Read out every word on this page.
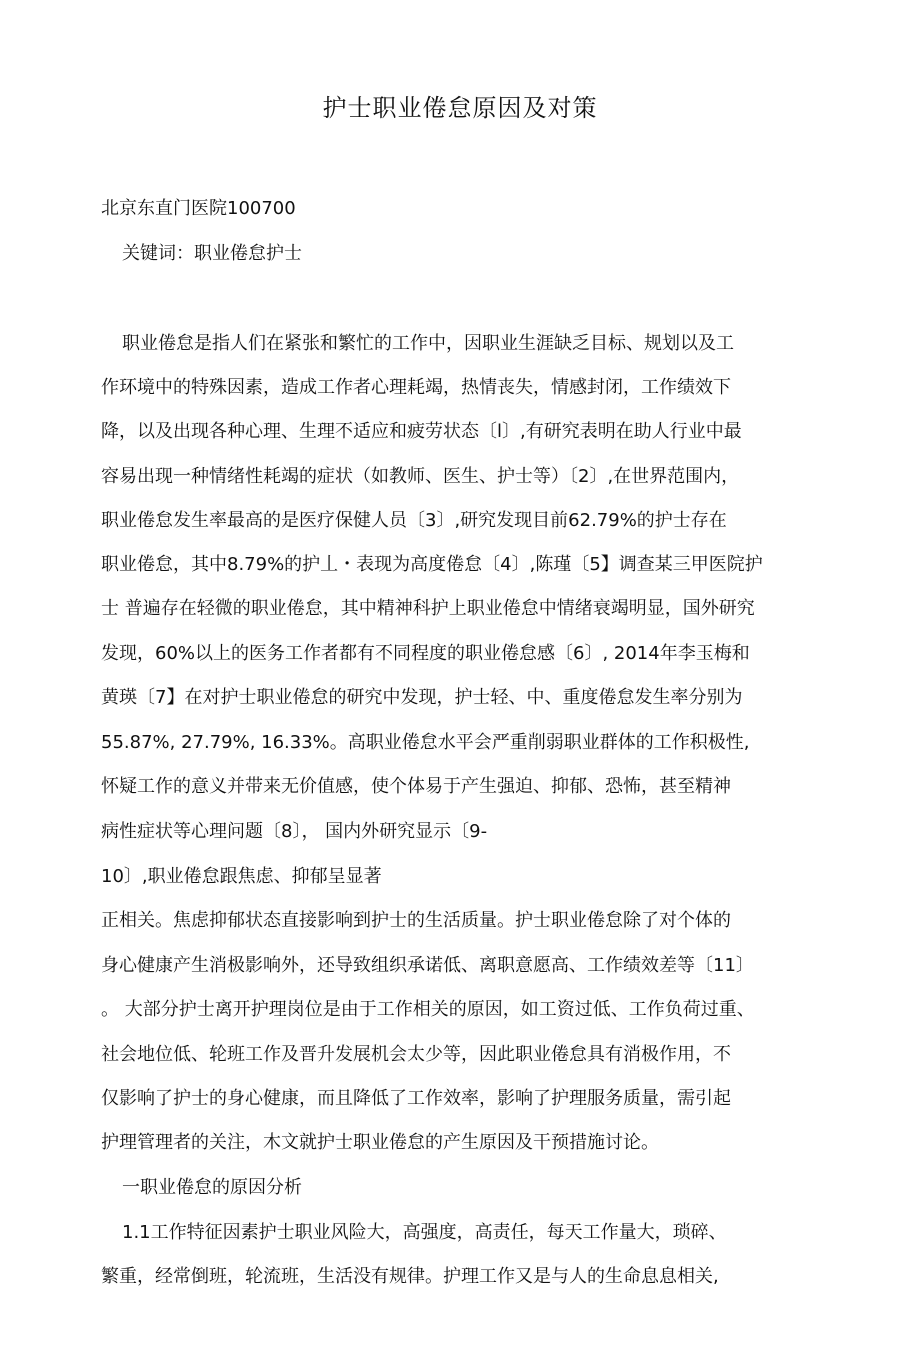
护士职业倦怠原因及对策
北京东直门医院100700
关键词：职业倦怠护士
职业倦怠是指人们在紧张和繁忙的工作中，因职业生涯缺乏目标、规划以及工
作环境中的特殊因素，造成工作者心理耗竭，热情丧失，情感封闭，工作绩效下
降，以及出现各种心理、生理不适应和疲劳状态〔l〕,有研究表明在助人行业中最
容易出现一种情绪性耗竭的症状（如教师、医生、护士等）〔2〕,在世界范围内，
职业倦怠发生率最高的是医疗保健人员〔3〕,研究发现目前62.79%的护士存在
职业倦怠，其中8.79%的护丄・表现为高度倦怠〔4〕,陈瑾〔5】调查某三甲医院护
士 普遍存在轻微的职业倦怠，其中精神科护上职业倦怠中情绪衰竭明显，国外研究
发现，60%以上的医务工作者都有不同程度的职业倦怠感〔6〕, 2014年李玉梅和
黄瑛〔7】在对护士职业倦怠的研究中发现，护士轻、中、重度倦怠发生率分别为
55.87%, 27.79%, 16.33%。高职业倦怠水平会严重削弱职业群体的工作积极性,
怀疑工作的意义并带来无价值感，使个体易于产生强迫、抑郁、恐怖，甚至精神
病性症状等心理问题〔8〕， 国内外研究显示〔9-
10〕,职业倦怠跟焦虑、抑郁呈显著
正相关。焦虑抑郁状态直接影响到护士的生活质量。护士职业倦怠除了对个体的
身心健康产生消极影响外，还导致组织承诺低、离职意愿高、工作绩效差等〔11〕
。 大部分护士离开护理岗位是由于工作相关的原因，如工资过低、工作负荷过重、
社会地位低、轮班工作及晋升发展机会太少等，因此职业倦怠具有消极作用，不
仅影响了护士的身心健康，而且降低了工作效率，影响了护理服务质量，需引起
护理管理者的关注，木文就护士职业倦怠的产生原因及干预措施讨论。
一职业倦怠的原因分析
1.1工作特征因素护士职业风险大，高强度，高责任，每天工作量大，琐碎、
繁重，经常倒班，轮流班，生活没有规律。护理工作又是与人的生命息息相关,
